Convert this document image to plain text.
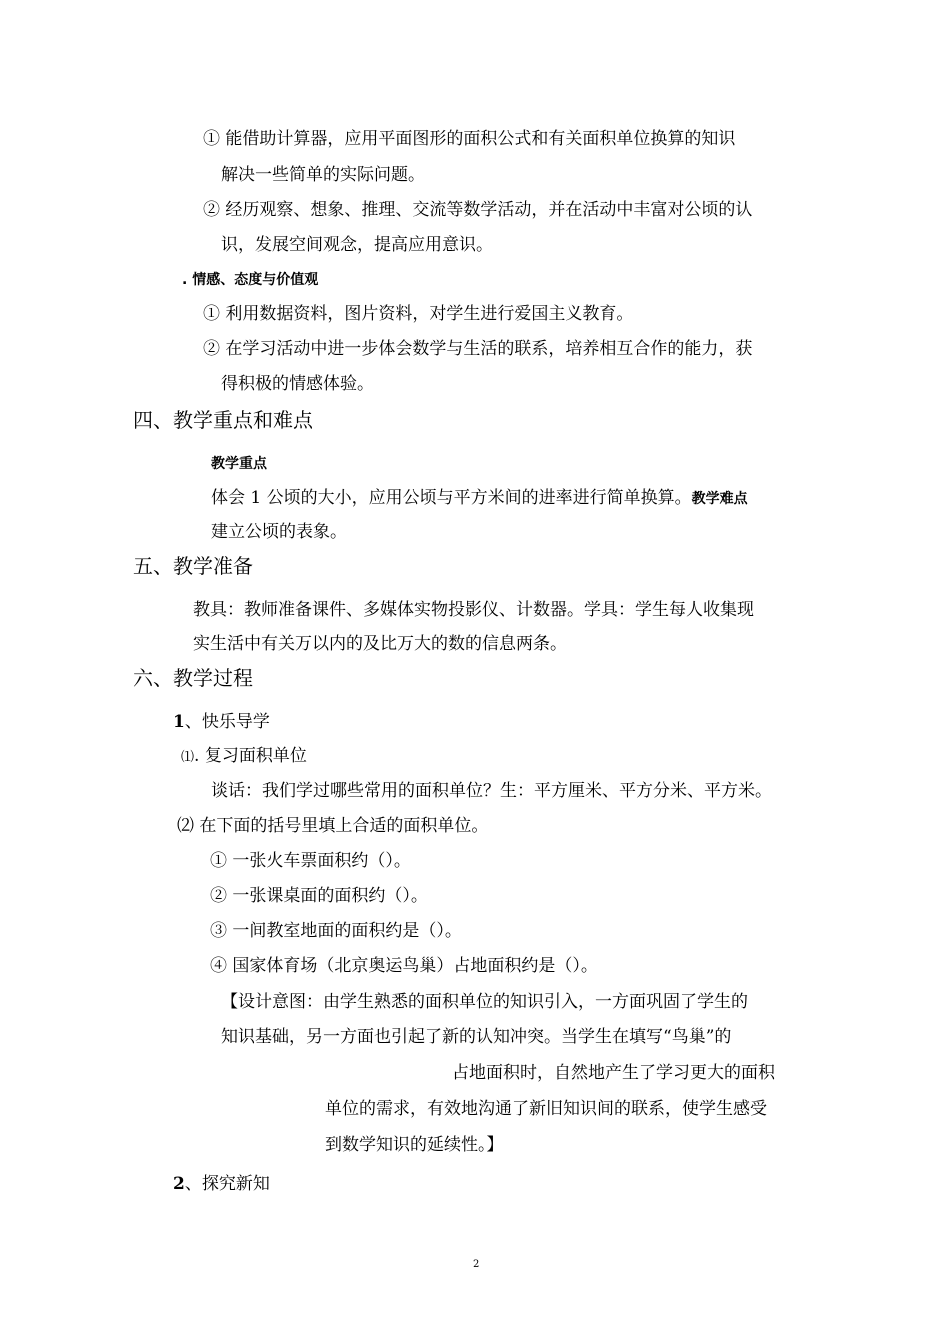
① 能借助计算器，应用平面图形的面积公式和有关面积单位换算的知识
解决一些简单的实际问题。
② 经历观察、想象、推理、交流等数学活动，并在活动中丰富对公顷的认
识，发展空间观念，提高应用意识。
. 情感、态度与价值观
① 利用数据资料，图片资料，对学生进行爱国主义教育。
② 在学习活动中进一步体会数学与生活的联系，培养相互合作的能力，获
得积极的情感体验。
四、教学重点和难点
教学重点
体会 1 公顷的大小，应用公顷与平方米间的进率进行简单换算。教学难点
建立公顷的表象。
五、教学准备
教具：教师准备课件、多媒体实物投影仪、计数器。学具：学生每人收集现
实生活中有关万以内的及比万大的数的信息两条。
六、教学过程
1、快乐导学
⑴. 复习面积单位
谈话：我们学过哪些常用的面积单位？生：平方厘米、平方分米、平方米。
⑵ 在下面的括号里填上合适的面积单位。
① 一张火车票面积约（）。
② 一张课桌面的面积约（）。
③ 一间教室地面的面积约是（）。
④ 国家体育场（北京奥运鸟巢）占地面积约是（）。
【设计意图：由学生熟悉的面积单位的知识引入，一方面巩固了学生的
知识基础，另一方面也引起了新的认知冲突。当学生在填写“鸟巢”的
占地面积时，自然地产生了学习更大的面积
单位的需求，有效地沟通了新旧知识间的联系，使学生感受
到数学知识的延续性。】
2、探究新知
2
